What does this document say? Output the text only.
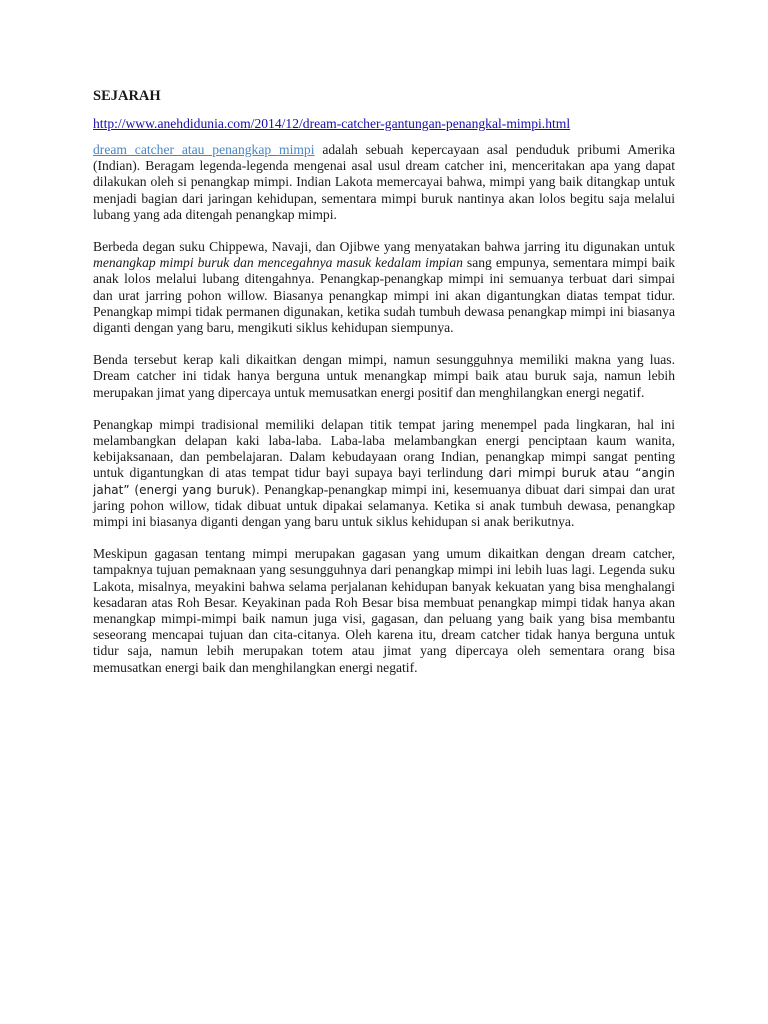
SEJARAH
http://www.anehdidunia.com/2014/12/dream-catcher-gantungan-penangkal-mimpi.html

dream catcher atau penangkap mimpi adalah sebuah kepercayaan asal penduduk pribumi Amerika (Indian). Beragam legenda-legenda mengenai asal usul dream catcher ini, menceritakan apa yang dapat dilakukan oleh si penangkap mimpi. Indian Lakota memercayai bahwa, mimpi yang baik ditangkap untuk menjadi bagian dari jaringan kehidupan, sementara mimpi buruk nantinya akan lolos begitu saja melalui lubang yang ada ditengah penangkap mimpi.

Berbeda degan suku Chippewa, Navaji, dan Ojibwe yang menyatakan bahwa jarring itu digunakan untuk menangkap mimpi buruk dan mencegahnya masuk kedalam impian sang empunya, sementara mimpi baik anak lolos melalui lubang ditengahnya. Penangkap-penangkap mimpi ini semuanya terbuat dari simpai dan urat jarring pohon willow. Biasanya penangkap mimpi ini akan digantungkan diatas tempat tidur. Penangkap mimpi tidak permanen digunakan, ketika sudah tumbuh dewasa penangkap mimpi ini biasanya diganti dengan yang baru, mengikuti siklus kehidupan siempunya.

Benda tersebut kerap kali dikaitkan dengan mimpi, namun sesungguhnya memiliki makna yang luas. Dream catcher ini tidak hanya berguna untuk menangkap mimpi baik atau buruk saja, namun lebih merupakan jimat yang dipercaya untuk memusatkan energi positif dan menghilangkan energi negatif.

Penangkap mimpi tradisional memiliki delapan titik tempat jaring menempel pada lingkaran, hal ini melambangkan delapan kaki laba-laba. Laba-laba melambangkan energi penciptaan kaum wanita, kebijaksanaan, dan pembelajaran. Dalam kebudayaan orang Indian, penangkap mimpi sangat penting untuk digantungkan di atas tempat tidur bayi supaya bayi terlindung dari mimpi buruk atau “angin jahat” (energi yang buruk). Penangkap-penangkap mimpi ini, kesemuanya dibuat dari simpai dan urat jaring pohon willow, tidak dibuat untuk dipakai selamanya. Ketika si anak tumbuh dewasa, penangkap mimpi ini biasanya diganti dengan yang baru untuk siklus kehidupan si anak berikutnya.

Meskipun gagasan tentang mimpi merupakan gagasan yang umum dikaitkan dengan dream catcher, tampaknya tujuan pemaknaan yang sesungguhnya dari penangkap mimpi ini lebih luas lagi. Legenda suku Lakota, misalnya, meyakini bahwa selama perjalanan kehidupan banyak kekuatan yang bisa menghalangi kesadaran atas Roh Besar. Keyakinan pada Roh Besar bisa membuat penangkap mimpi tidak hanya akan menangkap mimpi-mimpi baik namun juga visi, gagasan, dan peluang yang baik yang bisa membantu seseorang mencapai tujuan dan cita-citanya. Oleh karena itu, dream catcher tidak hanya berguna untuk tidur saja, namun lebih merupakan totem atau jimat yang dipercaya oleh sementara orang bisa memusatkan energi baik dan menghilangkan energi negatif.
